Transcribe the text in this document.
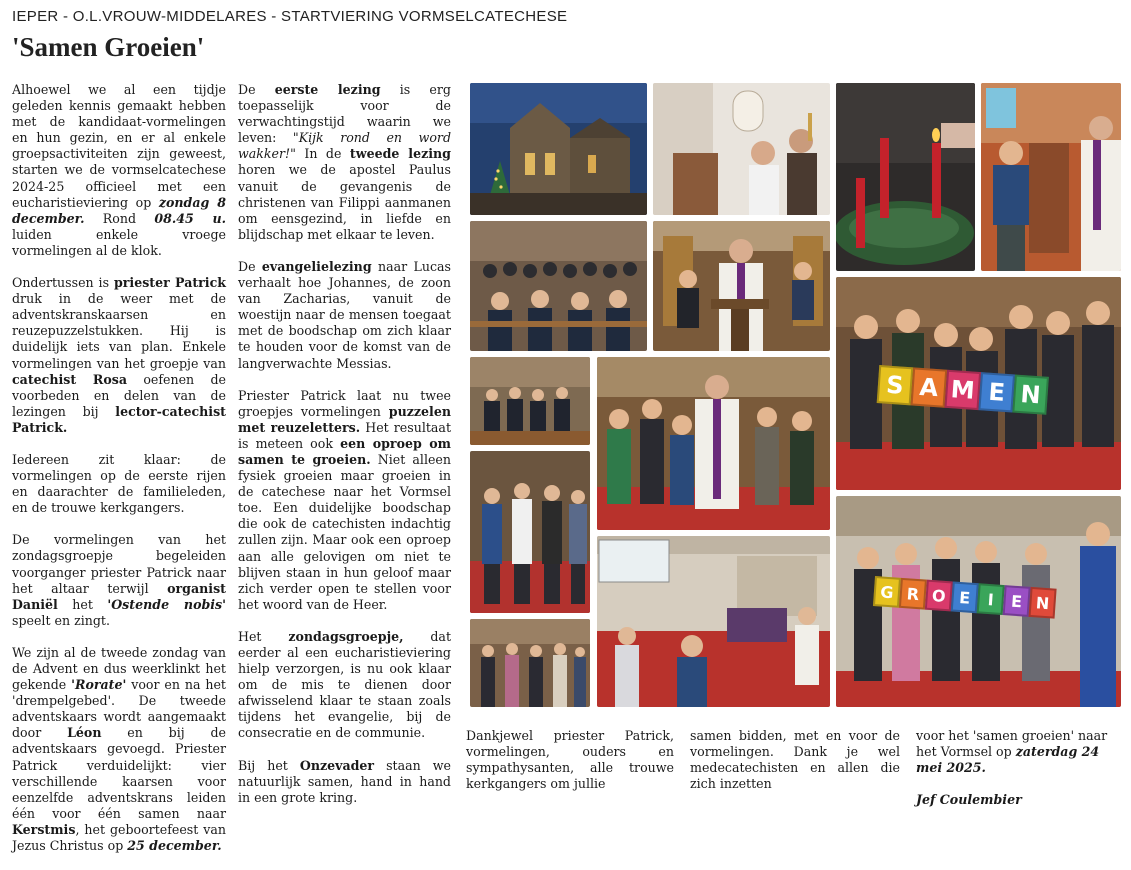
IEPER - O.L.VROUW-MIDDELARES - STARTVIERING VORMSELCATECHESE
'Samen Groeien'

Alhoewel we al een tijdje geleden kennis gemaakt hebben met de kandidaat-vormelingen en hun gezin, en er al enkele groepsactiviteiten zijn geweest, starten we de vormselcatechese 2024-25 officieel met een eucharistieviering op zondag 8 december. Rond 08.45 u. luiden enkele vroege vormelingen al de klok.

Ondertussen is priester Patrick druk in de weer met de adventskranskaarsen en reuzepuzzelstukken. Hij is duidelijk iets van plan. Enkele vormelingen van het groepje van catechist Rosa oefenen de voorbeden en delen van de lezingen bij lector-catechist Patrick.

Iedereen zit klaar: de vormelingen op de eerste rijen en daarachter de familieleden, en de trouwe kerkgangers.

De vormelingen van het zondagsgroepje begeleiden voorganger priester Patrick naar het altaar terwijl organist Daniël het 'Ostende nobis' speelt en zingt.

We zijn al de tweede zondag van de Advent en dus weerklinkt het gekende 'Rorate' voor en na het 'drempelgebed'. De tweede adventskaars wordt aangemaakt door Léon en bij de adventskaars gevoegd. Priester Patrick verduidelijkt: vier verschillende kaarsen voor eenzelfde adventskrans leiden één voor één samen naar Kerstmis, het geboortefeest van Jezus Christus op 25 december.

De eerste lezing is erg toepasselijk voor de verwachtingstijd waarin we leven: "Kijk rond en word wakker!" In de tweede lezing horen we de apostel Paulus vanuit de gevangenis de christenen van Filippi aanmanen om eensgezind, in liefde en blijdschap met elkaar te leven.

De evangelielezing naar Lucas verhaalt hoe Johannes, de zoon van Zacharias, vanuit de woestijn naar de mensen toegaat met de boodschap om zich klaar te houden voor de komst van de langverwachte Messias.

Priester Patrick laat nu twee groepjes vormelingen puzzelen met reuzeletters. Het resultaat is meteen ook een oproep om samen te groeien. Niet alleen fysiek groeien maar groeien in de catechese naar het Vormsel toe. Een duidelijke boodschap die ook de catechisten indachtig zullen zijn. Maar ook een oproep aan alle gelovigen om niet te blijven staan in hun geloof maar zich verder open te stellen voor het woord van de Heer.

Het zondagsgroepje, dat eerder al een eucharistieviering hielp verzorgen, is nu ook klaar om de mis te dienen door afwisselend klaar te staan zoals tijdens het evangelie, bij de consecratie en de communie.

Bij het Onzevader staan we natuurlijk samen, hand in hand in een grote kring.

S A M E N
G R O E	I	E N
Dankjewel priester Patrick, vormelingen, ouders en sympathysanten, alle trouwe kerkgangers om jullie
samen bidden, met en voor de vormelingen. Dank je wel medecatechisten en allen die zich inzetten
voor het 'samen groeien' naar het Vormsel op zaterdag 24 mei 2025.
Jef Coulembier
